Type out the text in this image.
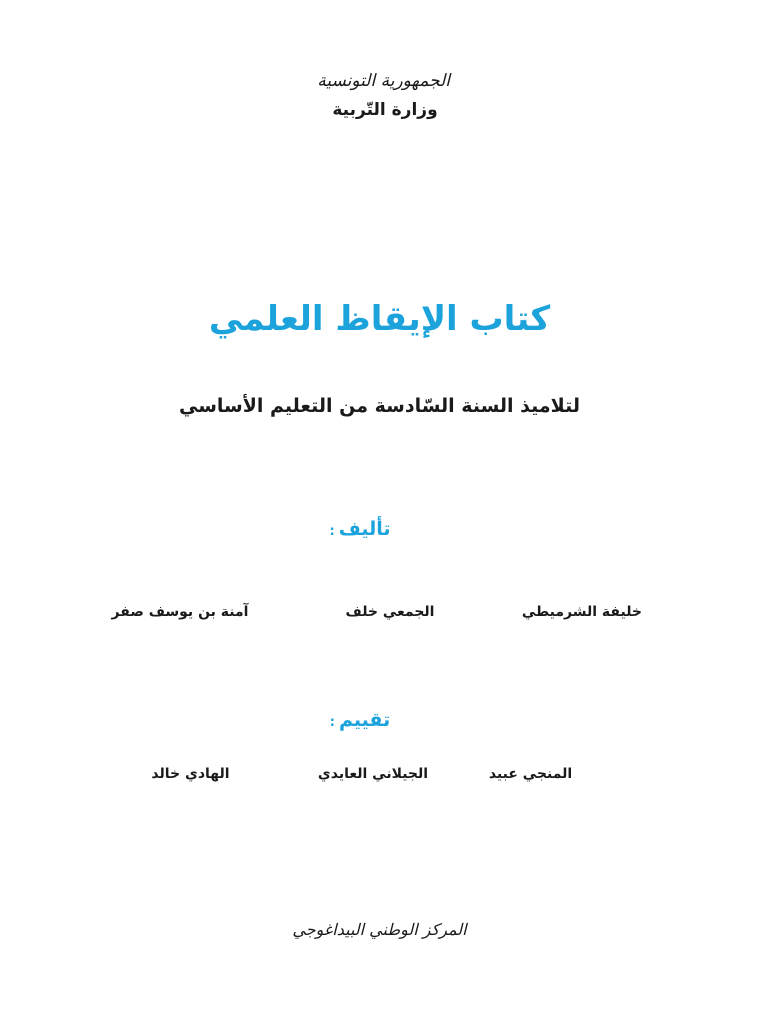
الجمهورية التونسية
وزارة التّربية
كتاب الإيقاظ العلمي
لتلاميذ السنة السّادسة من التعليم الأساسي
تأليف:
خليفة الشرميطي
الجمعي خلف
آمنة بن يوسف صفر
تقييم:
المنجي عبيد
الجيلاني العايدي
الهادي خالد
المركز الوطني البيداغوجي
